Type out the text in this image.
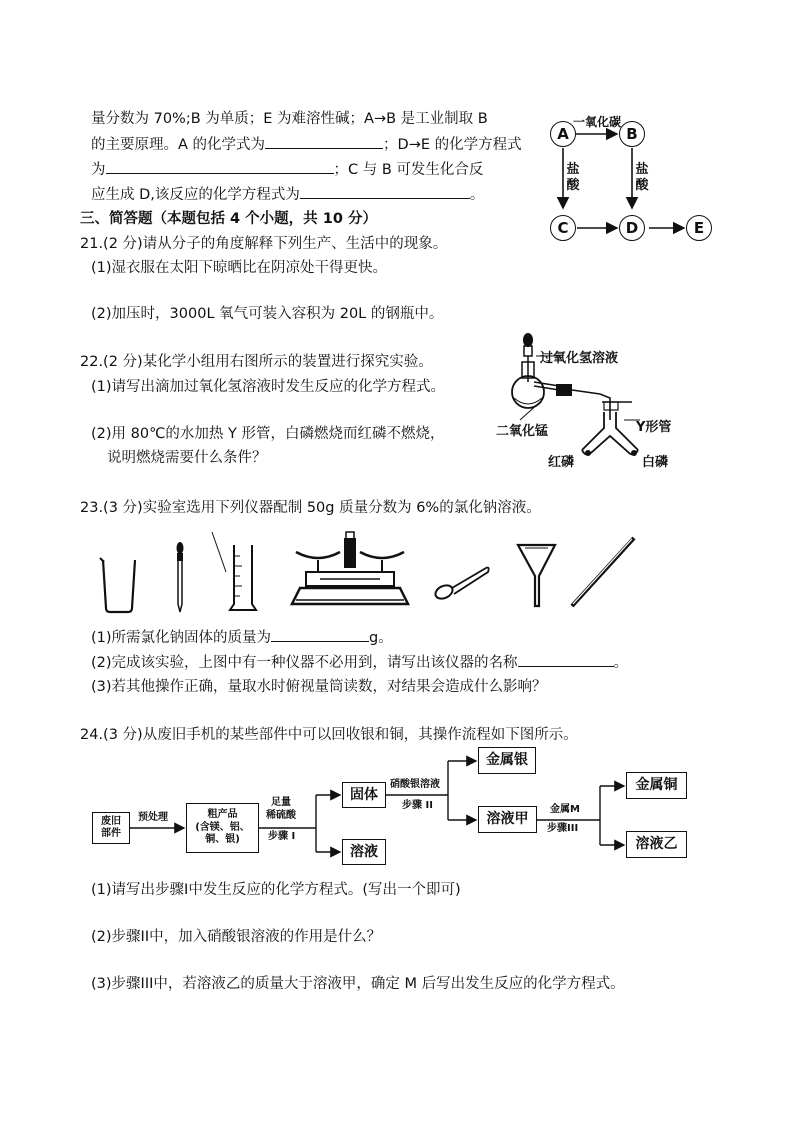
量分数为 70%;B 为单质；E 为难溶性碱；A→B 是工业制取 B
的主要原理。A 的化学式为	；D→E 的化学方程式
为	；C 与 B 可发生化合反
应生成 D,该反应的化学方程式为	。
A	B
C	D	E
一氧化碳
盐
酸
盐
酸
三、简答题（本题包括 4 个小题，共 10 分）
21.(2 分)请从分子的角度解释下列生产、生活中的现象。
(1)湿衣服在太阳下晾晒比在阴凉处干得更快。
(2)加压时，3000L 氧气可装入容积为 20L 的钢瓶中。
22.(2 分)某化学小组用右图所示的装置进行探究实验。
(1)请写出滴加过氧化氢溶液时发生反应的化学方程式。
(2)用 80℃的水加热 Y 形管，白磷燃烧而红磷不燃烧，
说明燃烧需要什么条件？
过氧化氢溶液
二氧化锰	Y形管
红磷	白磷
23.(3 分)实验室选用下列仪器配制 50g 质量分数为 6%的氯化钠溶液。
(1)所需氯化钠固体的质量为	g。
(2)完成该实验，上图中有一种仪器不必用到，请写出该仪器的名称	。
(3)若其他操作正确，量取水时俯视量筒读数，对结果会造成什么影响？
24.(3 分)从废旧手机的某些部件中可以回收银和铜，其操作流程如下图所示。
废旧
部件
预处理	粗产品
(含镁、铝、
铜、银)
足量
稀硫酸
步骤 I
固体
溶液
硝酸银溶液
步骤 II
金属银
溶液甲
金属M
步骤III
金属铜
溶液乙
(1)请写出步骤I中发生反应的化学方程式。(写出一个即可)
(2)步骤II中，加入硝酸银溶液的作用是什么？
(3)步骤III中，若溶液乙的质量大于溶液甲，确定 M 后写出发生反应的化学方程式。
